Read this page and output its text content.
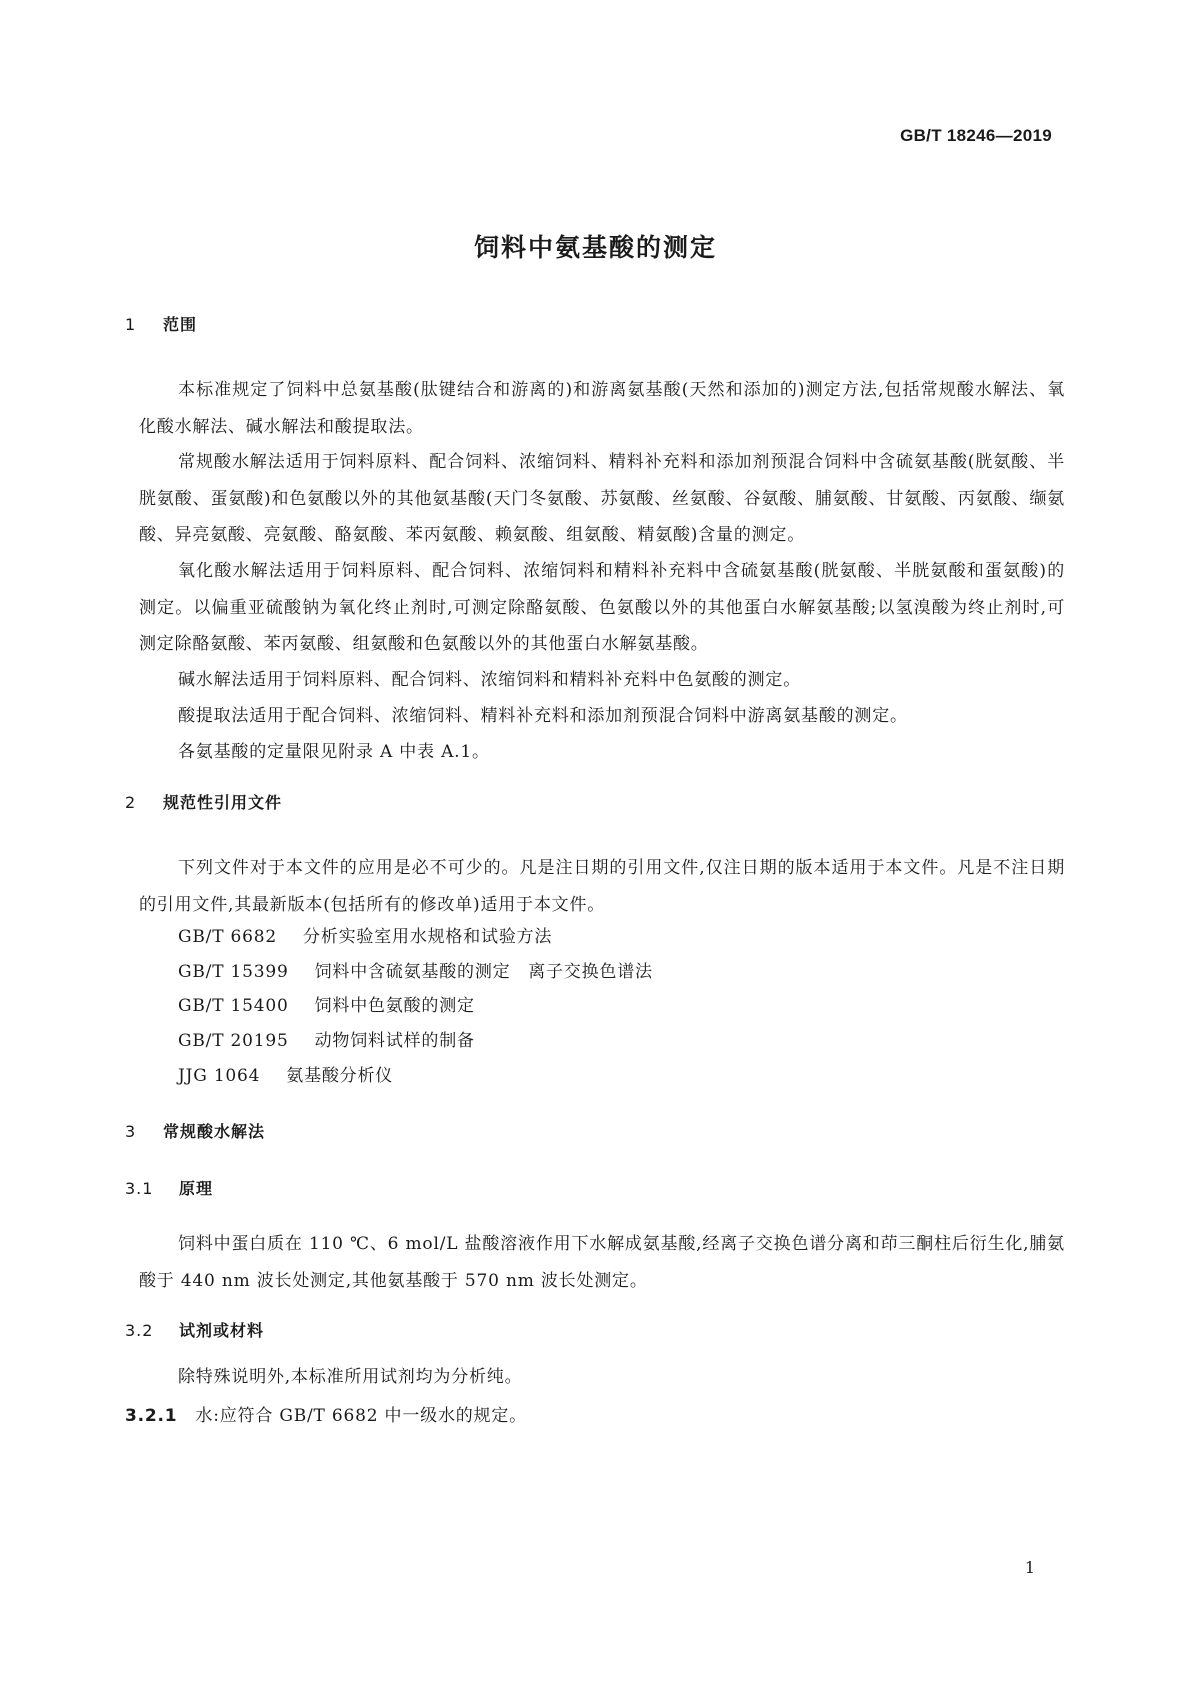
GB/T 18246—2019
饲料中氨基酸的测定
1 范围
本标准规定了饲料中总氨基酸(肽键结合和游离的)和游离氨基酸(天然和添加的)测定方法,包括常规酸水解法、氧化酸水解法、碱水解法和酸提取法。
常规酸水解法适用于饲料原料、配合饲料、浓缩饲料、精料补充料和添加剂预混合饲料中含硫氨基酸(胱氨酸、半胱氨酸、蛋氨酸)和色氨酸以外的其他氨基酸(天门冬氨酸、苏氨酸、丝氨酸、谷氨酸、脯氨酸、甘氨酸、丙氨酸、缬氨酸、异亮氨酸、亮氨酸、酪氨酸、苯丙氨酸、赖氨酸、组氨酸、精氨酸)含量的测定。
氧化酸水解法适用于饲料原料、配合饲料、浓缩饲料和精料补充料中含硫氨基酸(胱氨酸、半胱氨酸和蛋氨酸)的测定。以偏重亚硫酸钠为氧化终止剂时,可测定除酪氨酸、色氨酸以外的其他蛋白水解氨基酸;以氢溴酸为终止剂时,可测定除酪氨酸、苯丙氨酸、组氨酸和色氨酸以外的其他蛋白水解氨基酸。
碱水解法适用于饲料原料、配合饲料、浓缩饲料和精料补充料中色氨酸的测定。
酸提取法适用于配合饲料、浓缩饲料、精料补充料和添加剂预混合饲料中游离氨基酸的测定。
各氨基酸的定量限见附录 A 中表 A.1。
2 规范性引用文件
下列文件对于本文件的应用是必不可少的。凡是注日期的引用文件,仅注日期的版本适用于本文件。凡是不注日期的引用文件,其最新版本(包括所有的修改单)适用于本文件。
GB/T 6682 分析实验室用水规格和试验方法
GB/T 15399 饲料中含硫氨基酸的测定　离子交换色谱法
GB/T 15400 饲料中色氨酸的测定
GB/T 20195 动物饲料试样的制备
JJG 1064 氨基酸分析仪
3 常规酸水解法
3.1 原理
饲料中蛋白质在 110 ℃、6 mol/L 盐酸溶液作用下水解成氨基酸,经离子交换色谱分离和茚三酮柱后衍生化,脯氨酸于 440 nm 波长处测定,其他氨基酸于 570 nm 波长处测定。
3.2 试剂或材料
除特殊说明外,本标准所用试剂均为分析纯。
3.2.1 水:应符合 GB/T 6682 中一级水的规定。
1
